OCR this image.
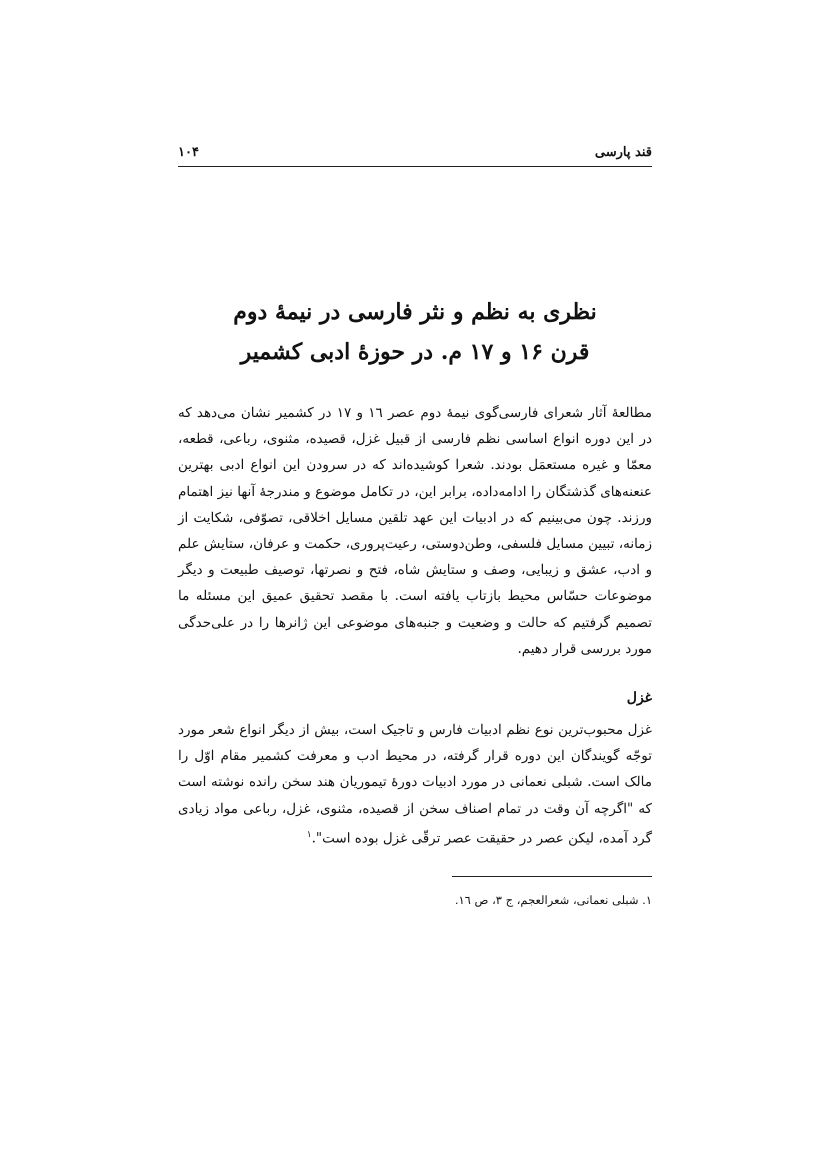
قند پارسی
۱۰۴
نظری به نظم و نثر فارسی در نیمۀ دوم
قرن ۱۶ و ۱۷ م. در حوزۀ ادبی کشمیر

مطالعۀ آثار شعرای فارسی‌گوی نیمۀ دوم عصر ۱٦ و ۱۷ در کشمیر نشان می‌دهد که در این دوره انواع اساسی نظم فارسی از قبیل غزل، قصیده، مثنوی، رباعی، قطعه، معمّا و غیره مستعمَل بودند. شعرا کوشیده‌اند که در سرودن این انواع ادبی بهترین عنعنه‌های گذشتگان را ادامه‌داده، برابر این، در تکامل موضوع و مندرجۀ آنها نیز اهتمام ورزند. چون می‌بینیم که در ادبیات این عهد تلقین مسایل اخلاقی، تصوّفی، شکایت از زمانه، تبیین مسایل فلسفی، وطن‌دوستی، رعیت‌پروری، حکمت و عرفان، ستایش علم و ادب، عشق و زیبایی، وصف و ستایش شاه، فتح و نصرتها، توصیف طبیعت و دیگر موضوعات حسّاس محیط بازتاب یافته است. با مقصد تحقیق عمیق این مسئله ما تصمیم گرفتیم که حالت و وضعیت و جنبه‌های موضوعی این ژانرها را در علی‌حدگی مورد بررسی قرار دهیم.

غزل

غزل محبوب‌ترین نوع نظم ادبیات فارس و تاجیک است، بیش از دیگر انواع شعر مورد توجّه گویندگان این دوره قرار گرفته، در محیط ادب و معرفت کشمیر مقام اوّل را مالک است. شبلی نعمانی در مورد ادبیات دورۀ تیموریان هند سخن رانده نوشته است که "اگرچه آن وقت در تمام اصناف سخن از قصیده، مثنوی، غزل، رباعی مواد زیادی گرد آمده، لیکن عصر در حقیقت عصر ترقّی غزل بوده است".$^۱$

۱. شبلی نعمانی، شعرالعجم، ج ۳، ص ۱٦.
